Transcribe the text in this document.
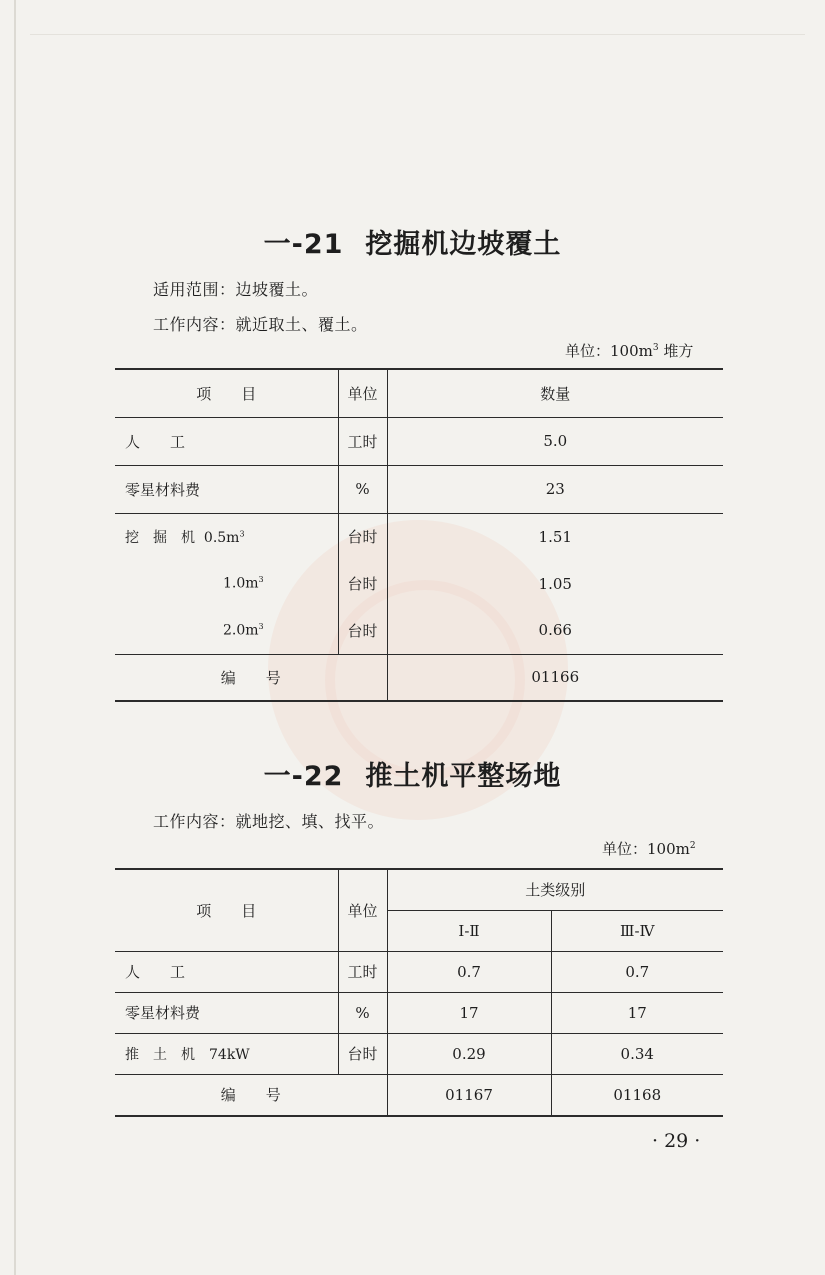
一-21 挖掘机边坡覆土
适用范围：边坡覆土。
工作内容：就近取土、覆土。
单位：$100m^3$ 堆方
项　　目	单位	数量
人　　工	工时	5.0
零星材料费	%	23
挖　掘　机 $0.5m^3$	台时	1.51
$1.0m^3$	台时	1.05
$2.0m^3$	台时	0.66
编　　号		01166
一-22 推土机平整场地
工作内容：就地挖、填、找平。
单位：$100m^2$
项　　目	单位	土类级别	
		Ⅰ-Ⅱ	Ⅲ-Ⅳ
人　　工	工时	0.7	0.7
零星材料费	%	17	17
推　土　机　74kW	台时	0.29	0.34
编　　号		01167	01168
· 29 ·
